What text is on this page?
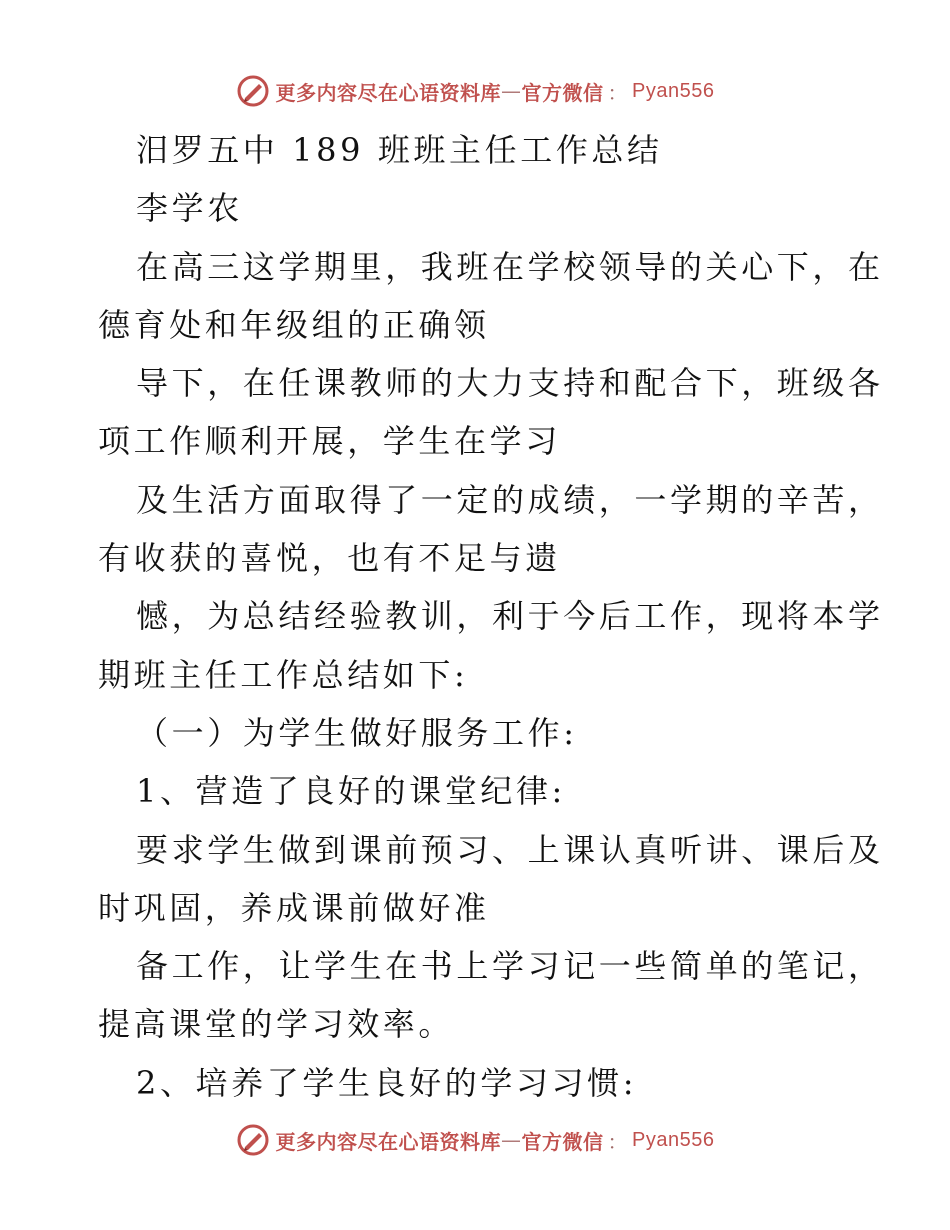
更多内容尽在心语资料库 — 官方微信 ： Pyan556
汨罗五中 189 班班主任工作总结
李学农
在高三这学期里，我班在学校领导的关心下，在
德育处和年级组的正确领
导下，在任课教师的大力支持和配合下，班级各
项工作顺利开展，学生在学习
及生活方面取得了一定的成绩，一学期的辛苦，
有收获的喜悦，也有不足与遗
憾，为总结经验教训，利于今后工作，现将本学
期班主任工作总结如下:
（一）为学生做好服务工作:
1、营造了良好的课堂纪律:
要求学生做到课前预习、上课认真听讲、课后及
时巩固，养成课前做好准
备工作，让学生在书上学习记一些简单的笔记，
提高课堂的学习效率。
2、培养了学生良好的学习习惯:
更多内容尽在心语资料库 — 官方微信 ： Pyan556
